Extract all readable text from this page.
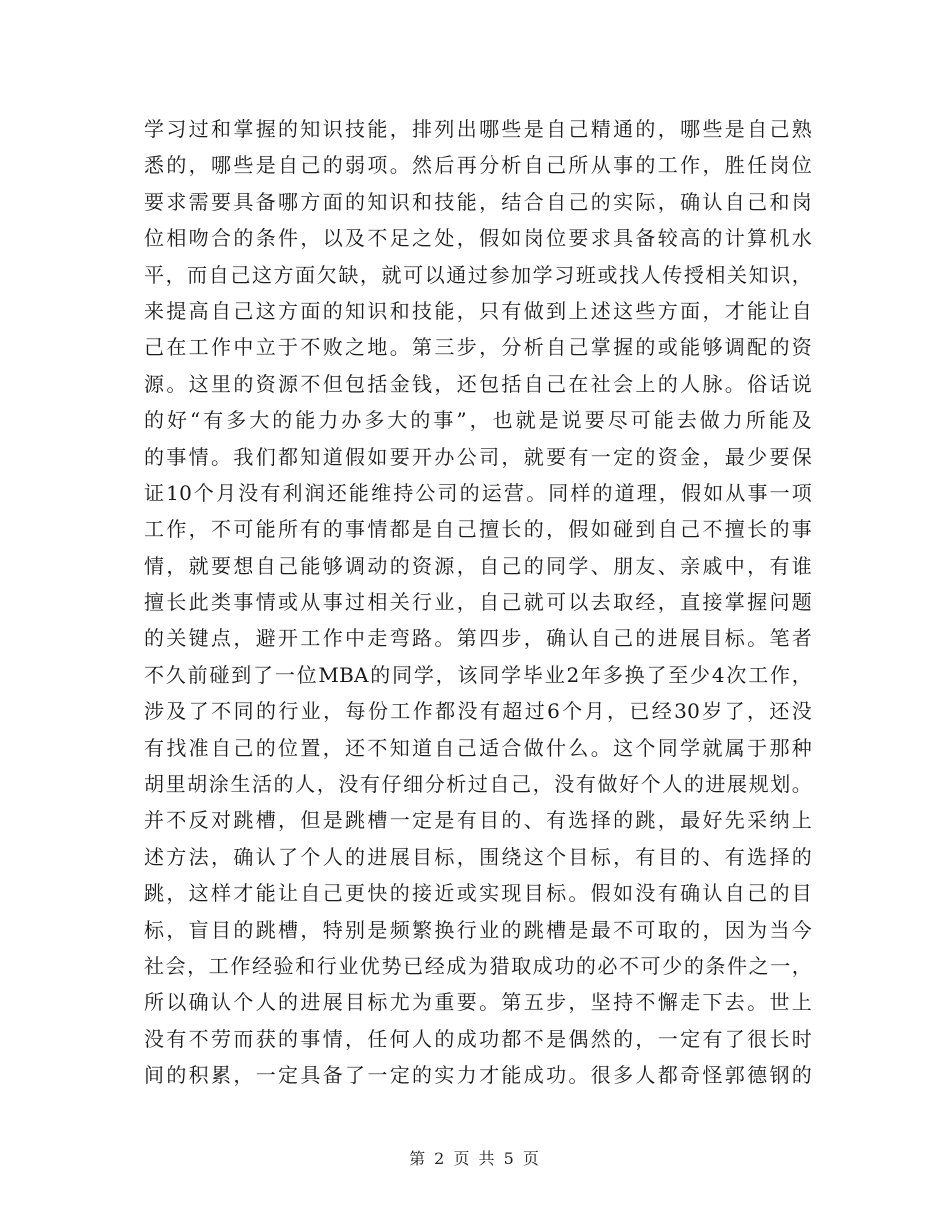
学习过和掌握的知识技能，排列出哪些是自己精通的，哪些是自己熟
悉的，哪些是自己的弱项。然后再分析自己所从事的工作，胜任岗位
要求需要具备哪方面的知识和技能，结合自己的实际，确认自己和岗
位相吻合的条件，以及不足之处，假如岗位要求具备较高的计算机水
平，而自己这方面欠缺，就可以通过参加学习班或找人传授相关知识，
来提高自己这方面的知识和技能，只有做到上述这些方面，才能让自
己在工作中立于不败之地。第三步，分析自己掌握的或能够调配的资
源。这里的资源不但包括金钱，还包括自己在社会上的人脉。俗话说
的好“有多大的能力办多大的事”，也就是说要尽可能去做力所能及
的事情。我们都知道假如要开办公司，就要有一定的资金，最少要保
证10个月没有利润还能维持公司的运营。同样的道理，假如从事一项
工作，不可能所有的事情都是自己擅长的，假如碰到自己不擅长的事
情，就要想自己能够调动的资源，自己的同学、朋友、亲戚中，有谁
擅长此类事情或从事过相关行业，自己就可以去取经，直接掌握问题
的关键点，避开工作中走弯路。第四步，确认自己的进展目标。笔者
不久前碰到了一位MBA的同学，该同学毕业2年多换了至少4次工作，
涉及了不同的行业，每份工作都没有超过6个月，已经30岁了，还没
有找准自己的位置，还不知道自己适合做什么。这个同学就属于那种
胡里胡涂生活的人，没有仔细分析过自己，没有做好个人的进展规划。
并不反对跳槽，但是跳槽一定是有目的、有选择的跳，最好先采纳上
述方法，确认了个人的进展目标，围绕这个目标，有目的、有选择的
跳，这样才能让自己更快的接近或实现目标。假如没有确认自己的目
标，盲目的跳槽，特别是频繁换行业的跳槽是最不可取的，因为当今
社会，工作经验和行业优势已经成为猎取成功的必不可少的条件之一，
所以确认个人的进展目标尤为重要。第五步，坚持不懈走下去。世上
没有不劳而获的事情，任何人的成功都不是偶然的，一定有了很长时
间的积累，一定具备了一定的实力才能成功。很多人都奇怪郭德钢的
第 2 页 共 5 页
